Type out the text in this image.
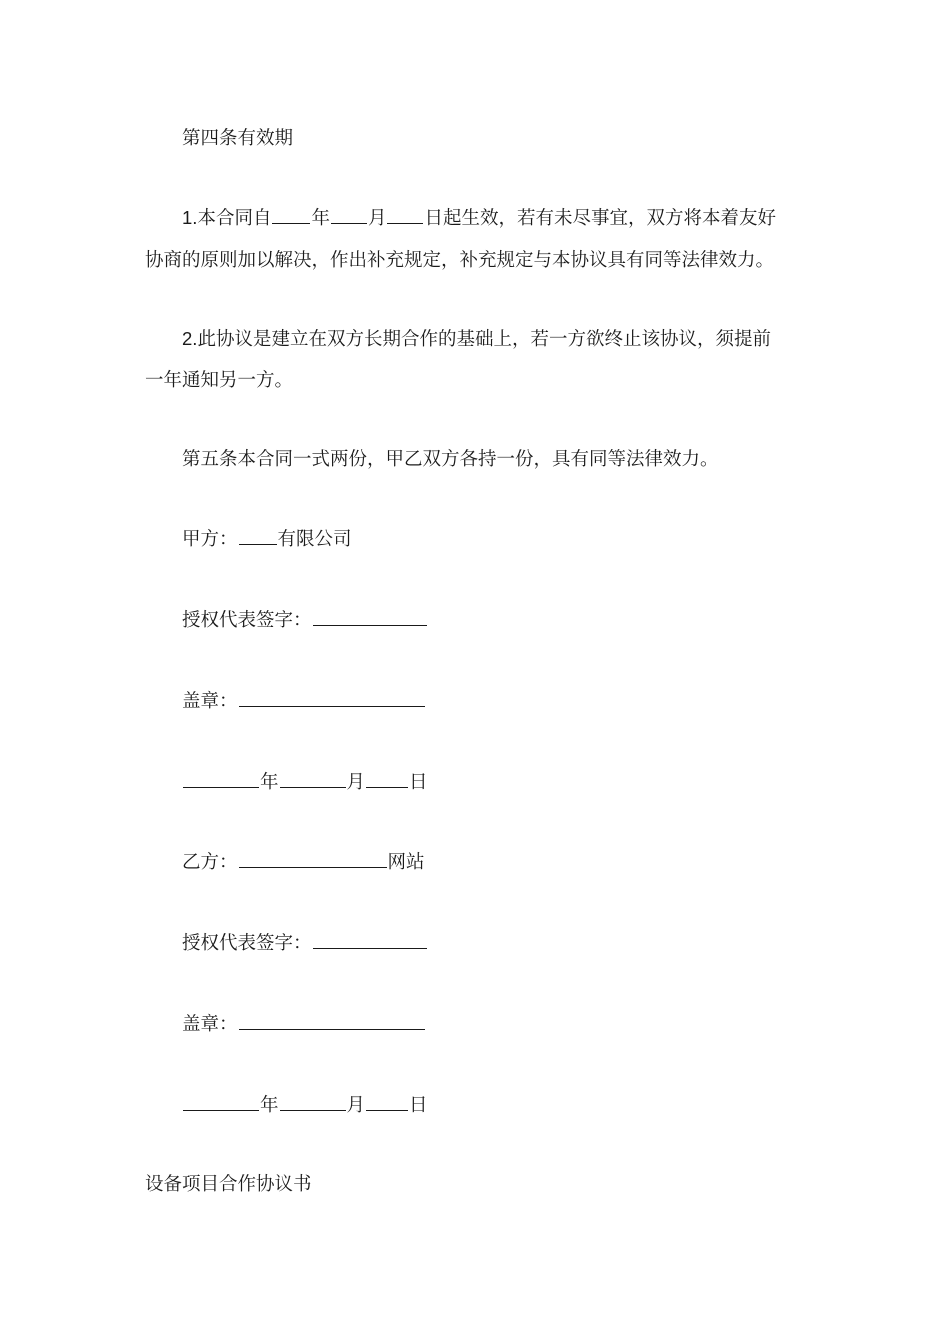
第四条有效期
1.本合同自 年 月 日起生效，若有未尽事宜，双方将本着友好
协商的原则加以解决，作出补充规定，补充规定与本协议具有同等法律效力。
2.此协议是建立在双方长期合作的基础上，若一方欲终止该协议，须提前
一年通知另一方。
第五条本合同一式两份，甲乙双方各持一份，具有同等法律效力。
甲方： 有限公司
授权代表签字：
盖章：
年	月 日
乙方：	网站
授权代表签字：
盖章：
年	月 日
设备项目合作协议书
